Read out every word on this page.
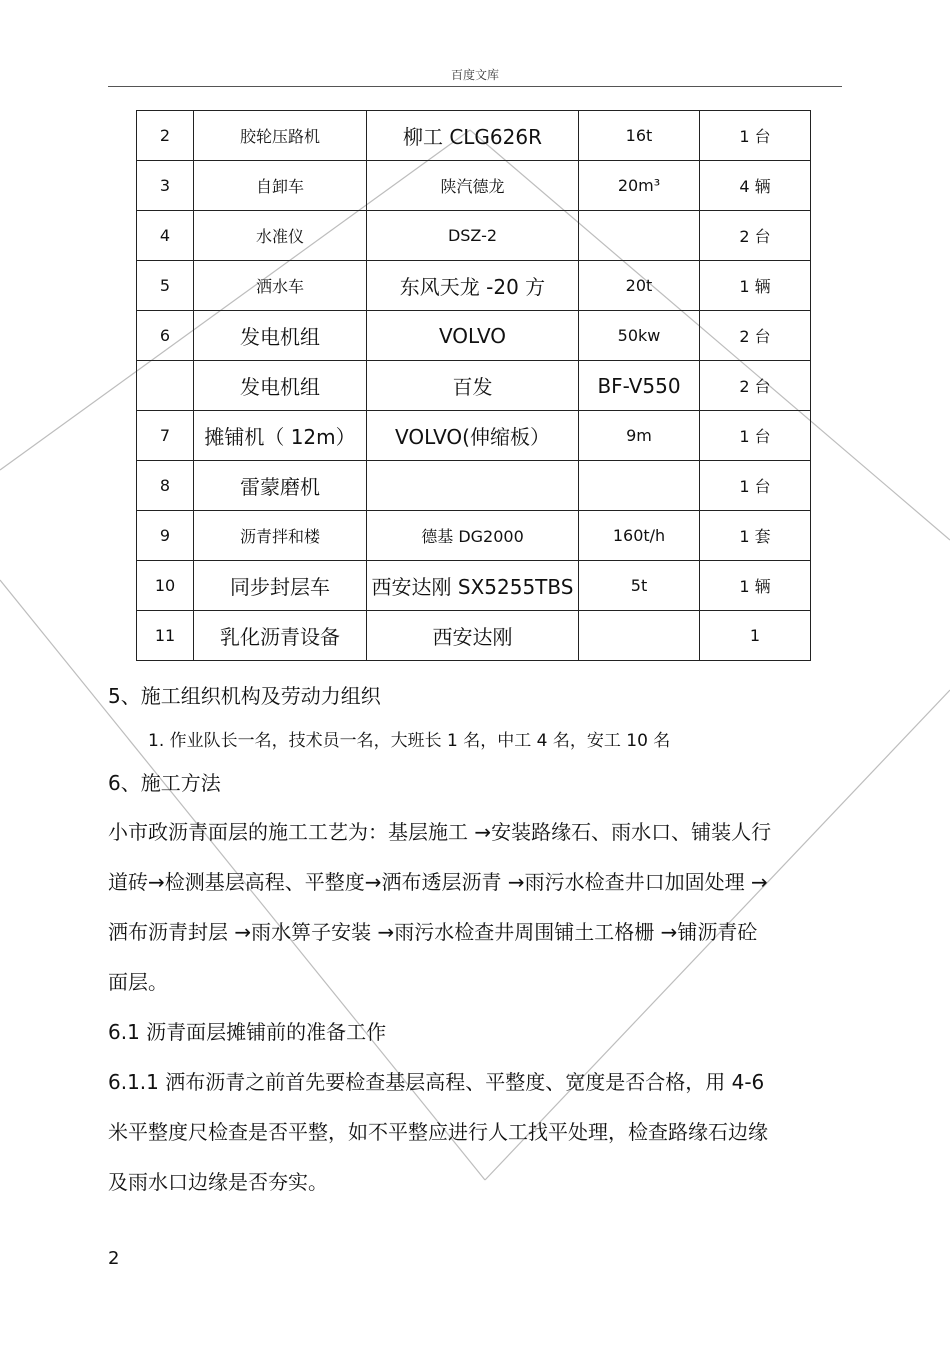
百度文库
2	胶轮压路机	柳工 CLG626R	16t	1 台
3	自卸车	陕汽德龙	20m³	4 辆
4	水准仪	DSZ-2		2 台
5	洒水车	东风天龙 -20 方	20t	1 辆
6	发电机组	VOLVO	50kw	2 台
	发电机组	百发	BF-V550	2 台
7	摊铺机（ 12m）	VOLVO(伸缩板）	9m	1 台
8	雷蒙磨机			1 台
9	沥青拌和楼	德基 DG2000	160t/h	1 套
10	同步封层车	西安达刚 SX5255TBS	5t	1 辆
11	乳化沥青设备	西安达刚		1
5、施工组织机构及劳动力组织
1. 作业队长一名，技术员一名，大班长 1 名，中工 4 名，安工 10 名
6、施工方法
小市政沥青面层的施工工艺为：基层施工 →安装路缘石、雨水口、铺装人行
道砖→检测基层高程、平整度→洒布透层沥青 →雨污水检查井口加固处理 →
洒布沥青封层 →雨水箅子安装 →雨污水检查井周围铺土工格栅 →铺沥青砼
面层。
6.1 沥青面层摊铺前的准备工作
6.1.1 洒布沥青之前首先要检查基层高程、平整度、宽度是否合格，用 4-6
米平整度尺检查是否平整，如不平整应进行人工找平处理，检查路缘石边缘
及雨水口边缘是否夯实。
2
